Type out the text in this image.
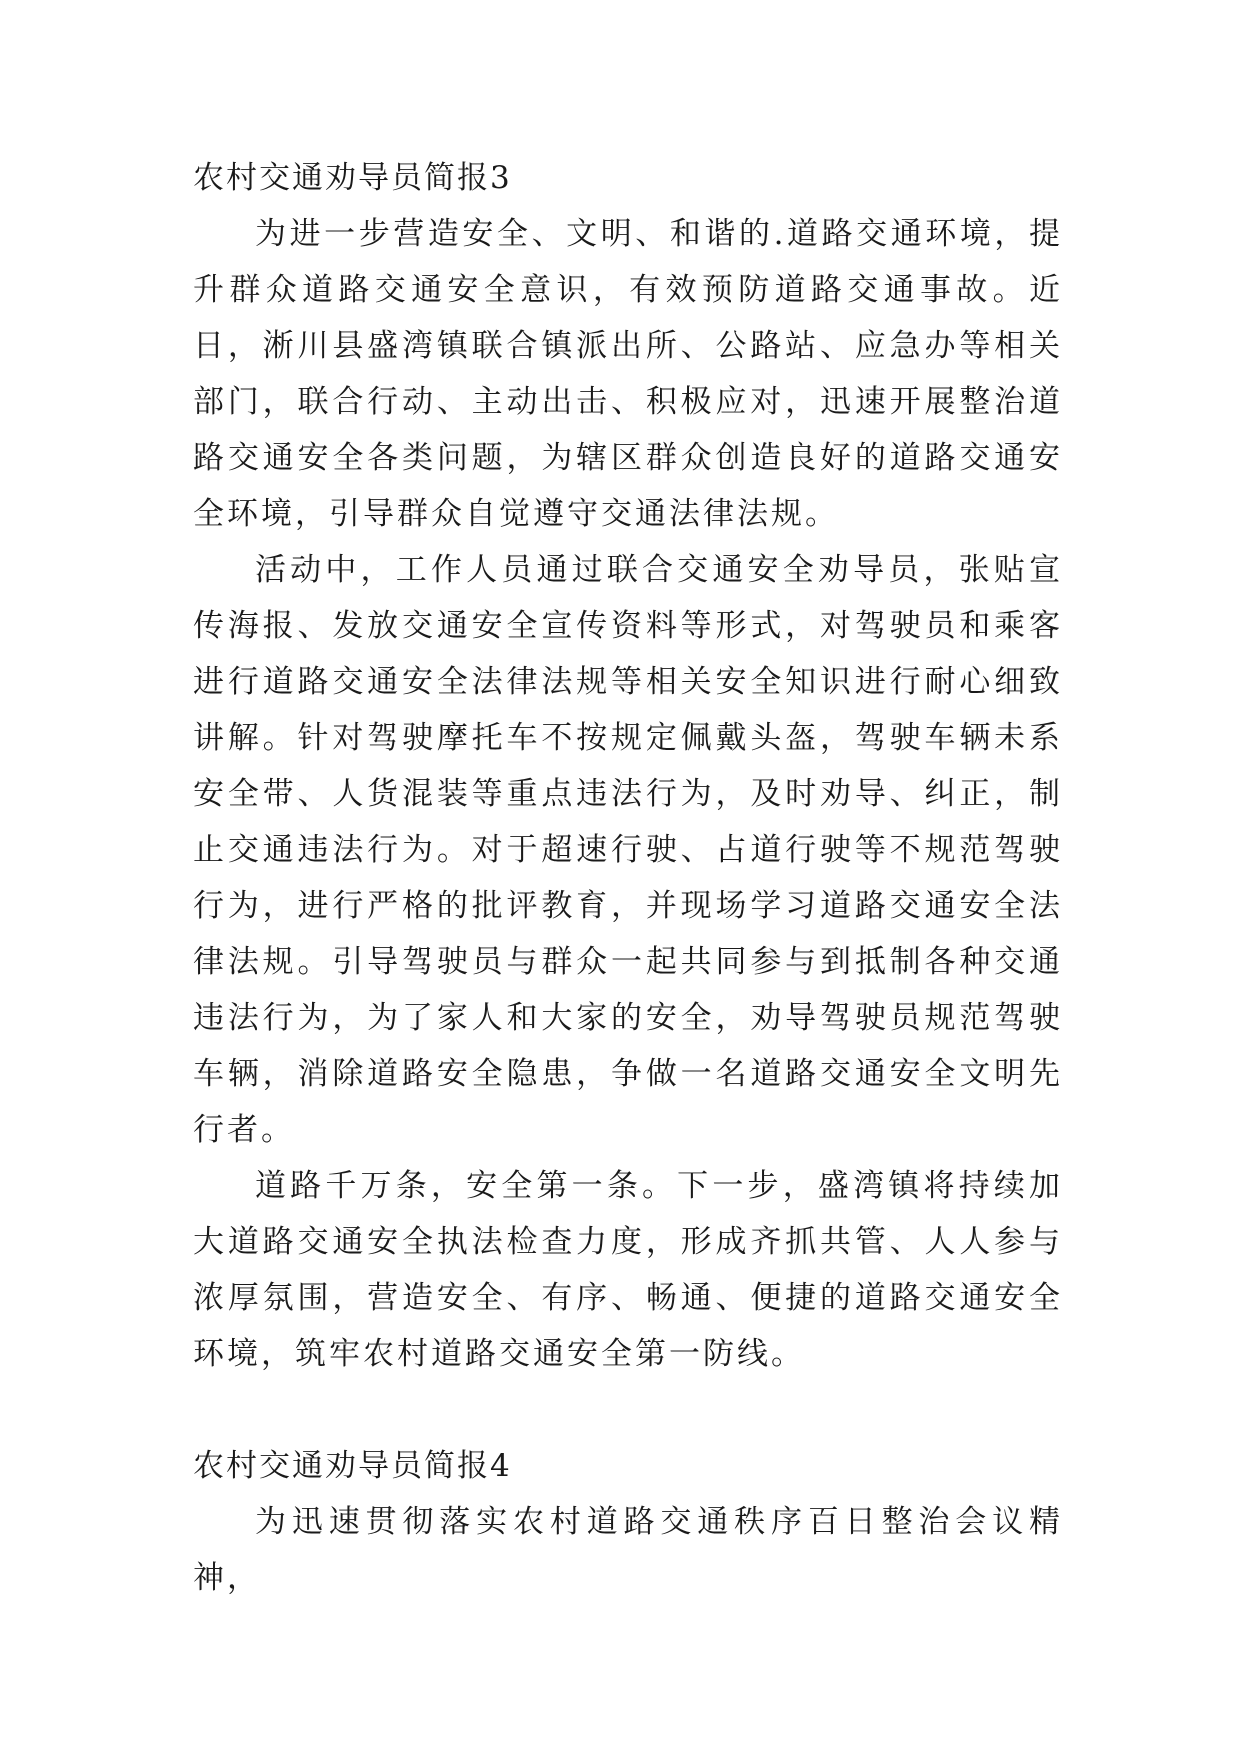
农村交通劝导员简报3

为进一步营造安全、文明、和谐的.道路交通环境，提升群众道路交通安全意识，有效预防道路交通事故。近日，淅川县盛湾镇联合镇派出所、公路站、应急办等相关部门，联合行动、主动出击、积极应对，迅速开展整治道路交通安全各类问题，为辖区群众创造良好的道路交通安全环境，引导群众自觉遵守交通法律法规。

活动中，工作人员通过联合交通安全劝导员，张贴宣传海报、发放交通安全宣传资料等形式，对驾驶员和乘客进行道路交通安全法律法规等相关安全知识进行耐心细致讲解。针对驾驶摩托车不按规定佩戴头盔，驾驶车辆未系安全带、人货混装等重点违法行为，及时劝导、纠正，制止交通违法行为。对于超速行驶、占道行驶等不规范驾驶行为，进行严格的批评教育，并现场学习道路交通安全法律法规。引导驾驶员与群众一起共同参与到抵制各种交通违法行为，为了家人和大家的安全，劝导驾驶员规范驾驶车辆，消除道路安全隐患，争做一名道路交通安全文明先行者。

道路千万条，安全第一条。下一步，盛湾镇将持续加大道路交通安全执法检查力度，形成齐抓共管、人人参与浓厚氛围，营造安全、有序、畅通、便捷的道路交通安全环境，筑牢农村道路交通安全第一防线。

农村交通劝导员简报4

为迅速贯彻落实农村道路交通秩序百日整治会议精神，
